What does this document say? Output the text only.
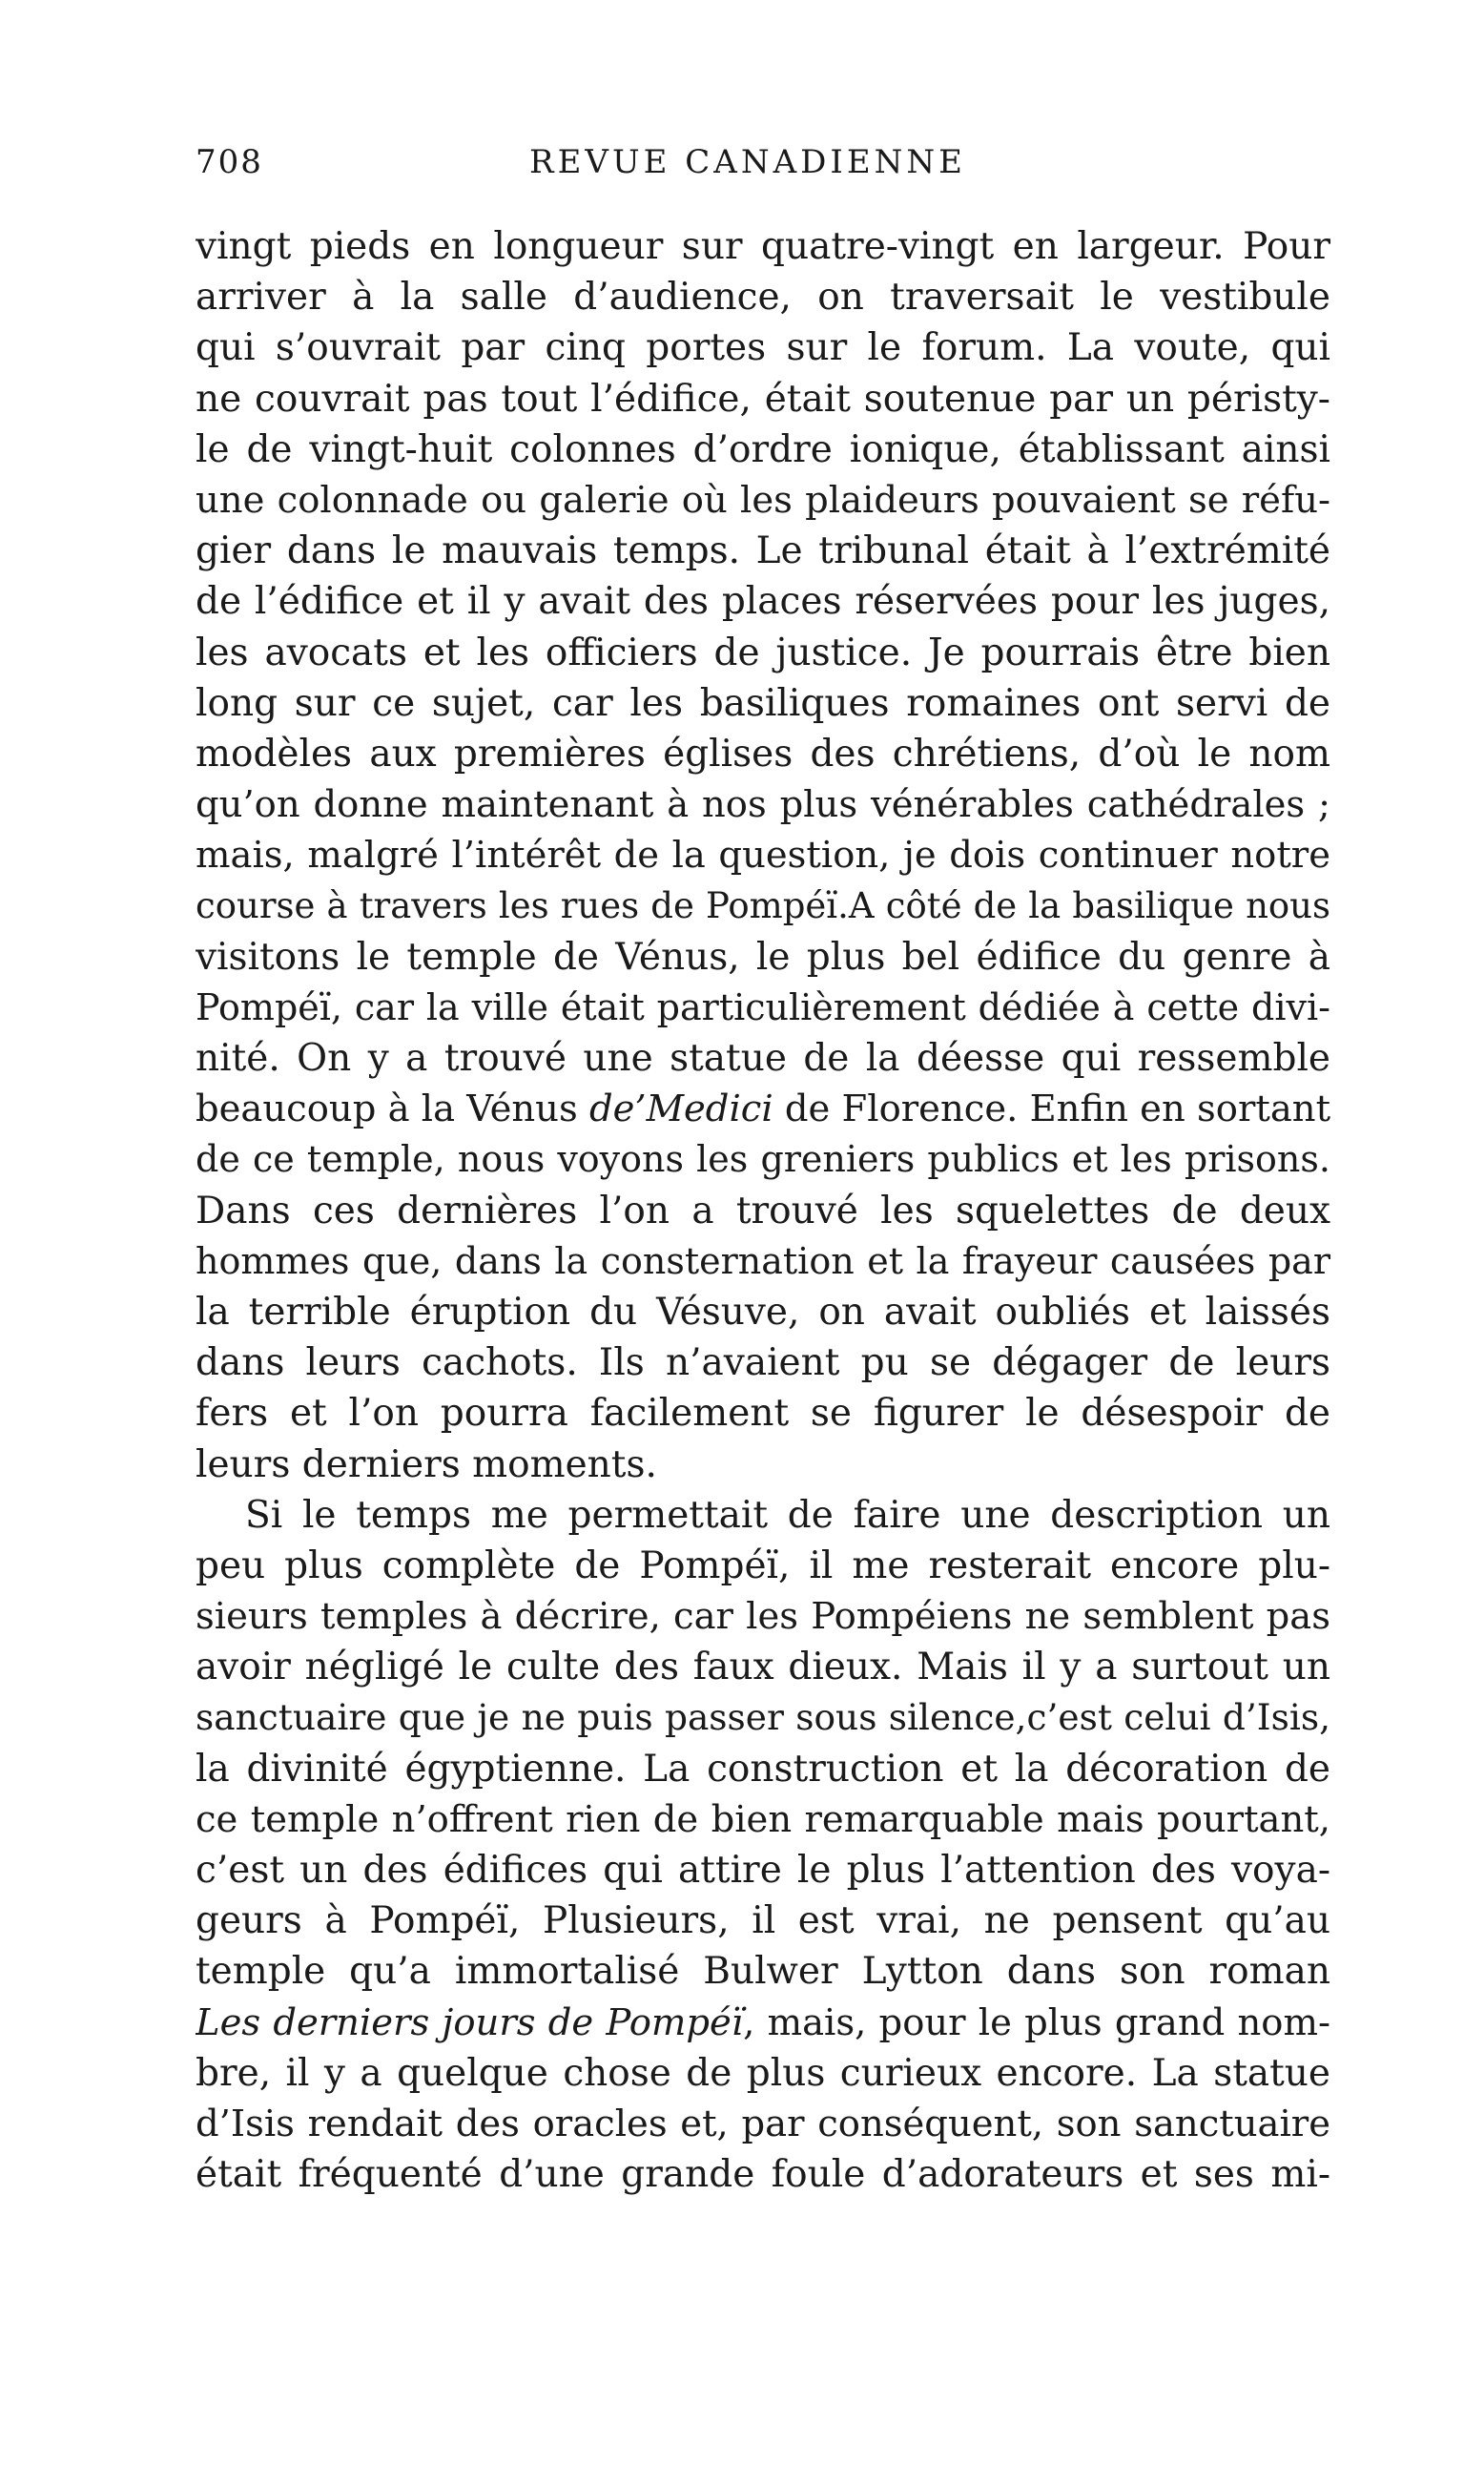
708	REVUE CANADIENNE
vingt pieds en longueur sur quatre-vingt en largeur. Pour
arriver à la salle d’audience, on traversait le vestibule
qui s’ouvrait par cinq portes sur le forum. La voute, qui
ne couvrait pas tout l’édifice, était soutenue par un péristy-
le de vingt-huit colonnes d’ordre ionique, établissant ainsi
une colonnade ou galerie où les plaideurs pouvaient se réfu-
gier dans le mauvais temps. Le tribunal était à l’extrémité
de l’édifice et il y avait des places réservées pour les juges,
les avocats et les officiers de justice. Je pourrais être bien
long sur ce sujet, car les basiliques romaines ont servi de
modèles aux premières églises des chrétiens, d’où le nom
qu’on donne maintenant à nos plus vénérables cathédrales ;
mais, malgré l’intérêt de la question, je dois continuer notre
course à travers les rues de Pompéï.A côté de la basilique nous
visitons le temple de Vénus, le plus bel édifice du genre à
Pompéï, car la ville était particulièrement dédiée à cette divi-
nité. On y a trouvé une statue de la déesse qui ressemble
beaucoup à la Vénus de’Medici de Florence. Enfin en sortant
de ce temple, nous voyons les greniers publics et les prisons.
Dans ces dernières l’on a trouvé les squelettes de deux
hommes que, dans la consternation et la frayeur causées par
la terrible éruption du Vésuve, on avait oubliés et laissés
dans leurs cachots. Ils n’avaient pu se dégager de leurs
fers et l’on pourra facilement se figurer le désespoir de
leurs derniers moments.
Si le temps me permettait de faire une description un
peu plus complète de Pompéï, il me resterait encore plu-
sieurs temples à décrire, car les Pompéiens ne semblent pas
avoir négligé le culte des faux dieux. Mais il y a surtout un
sanctuaire que je ne puis passer sous silence,c’est celui d’Isis,
la divinité égyptienne. La construction et la décoration de
ce temple n’offrent rien de bien remarquable mais pourtant,
c’est un des édifices qui attire le plus l’attention des voya-
geurs à Pompéï, Plusieurs, il est vrai, ne pensent qu’au
temple qu’a immortalisé Bulwer Lytton dans son roman
Les derniers jours de Pompéï, mais, pour le plus grand nom-
bre, il y a quelque chose de plus curieux encore. La statue
d’Isis rendait des oracles et, par conséquent, son sanctuaire
était fréquenté d’une grande foule d’adorateurs et ses mi-
